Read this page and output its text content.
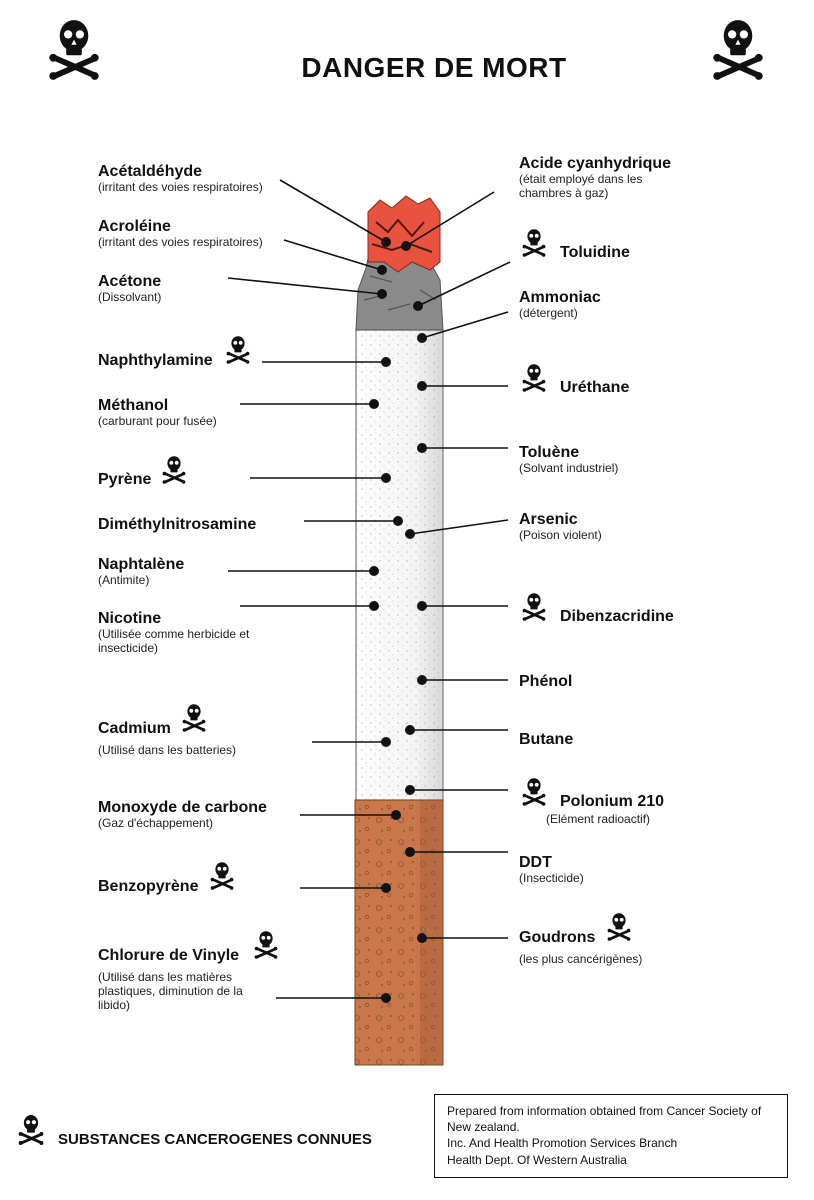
DANGER DE MORT
Acétaldéhyde
(irritant des voies respiratoires)
Acroléine
(irritant des voies respiratoires)
Acétone
(Dissolvant)
Naphthylamine
Méthanol
(carburant pour fusée)
Pyrène
Diméthylnitrosamine
Naphtalène
(Antimite)
Nicotine
(Utilisée comme herbicide et insecticide)
Cadmium
(Utilisé dans les batteries)
Monoxyde de carbone
(Gaz d'échappement)
Benzopyrène
Chlorure de Vinyle
(Utilisé dans les matières plastiques, diminution de la libido)
Acide cyanhydrique
(était employé dans les chambres à gaz)
Toluidine
Ammoniac
(détergent)
Uréthane
Toluène
(Solvant industriel)
Arsenic
(Poison violent)
Dibenzacridine
Phénol
Butane
Polonium 210
(Elément radioactif)
DDT
(Insecticide)
Goudrons
(les plus cancérigènes)
SUBSTANCES CANCEROGENES CONNUES
Prepared from information obtained from Cancer Society of New zealand.
Inc. And Health Promotion Services Branch
Health Dept. Of Western Australia
